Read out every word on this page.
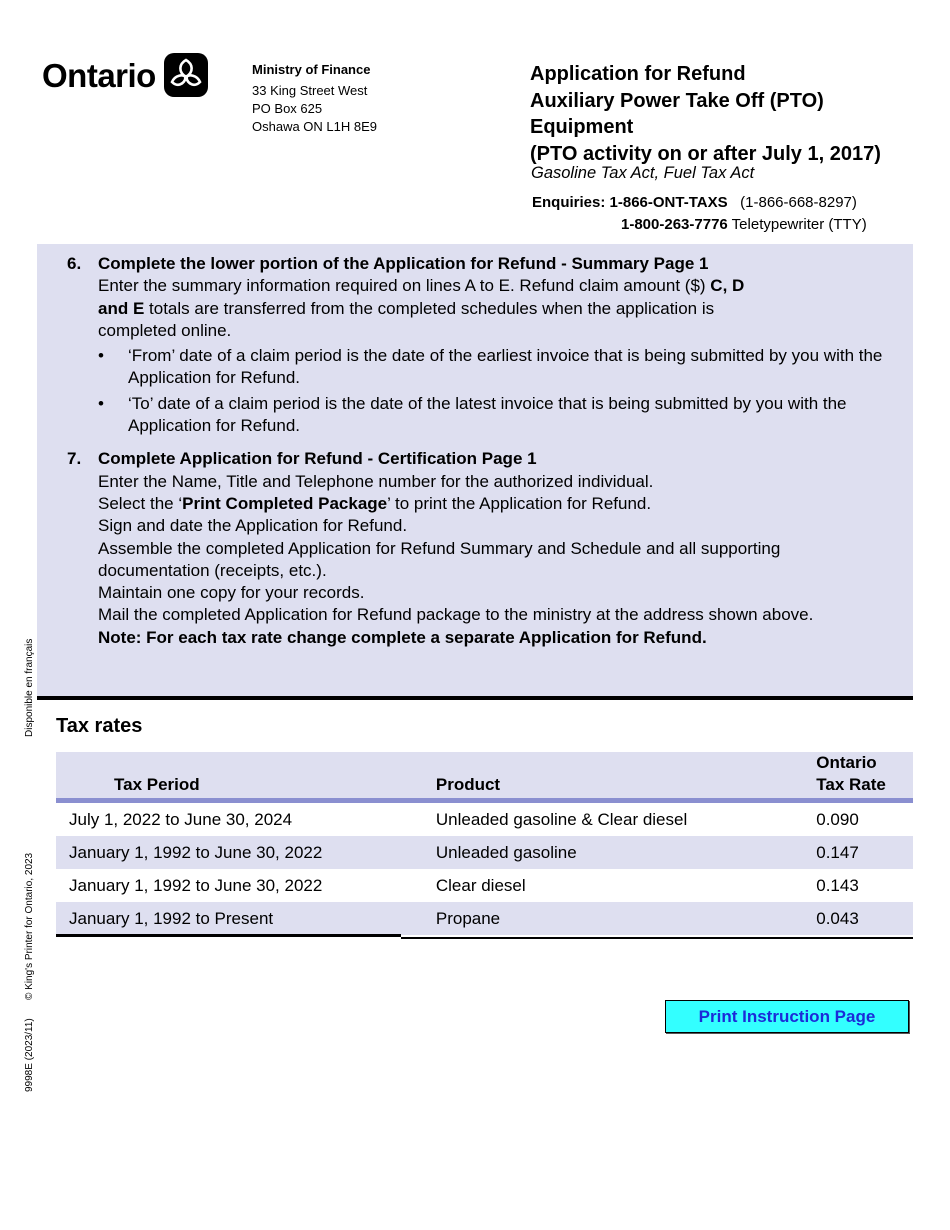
Ontario	Ministry of Finance
33 King Street West
PO Box 625
Oshawa ON L1H 8E9
Application for Refund
Auxiliary Power Take Off (PTO)
Equipment
(PTO activity on or after July 1, 2017)
Gasoline Tax Act, Fuel Tax Act
Enquiries: 1-866-ONT-TAXS (1-866-668-8297)
1-800-263-7776 Teletypewriter (TTY)
6. Complete the lower portion of the Application for Refund - Summary Page 1
Enter the summary information required on lines A to E. Refund claim amount ($) C, D
and E totals are transferred from the completed schedules when the application is
completed online.
•	‘From’ date of a claim period is the date of the earliest invoice that is being submitted by you with the Application for Refund.
•	‘To’ date of a claim period is the date of the latest invoice that is being submitted by you with the Application for Refund.
7. Complete Application for Refund - Certification Page 1
Enter the Name, Title and Telephone number for the authorized individual.
Select the ‘Print Completed Package’ to print the Application for Refund.
Sign and date the Application for Refund.
Assemble the completed Application for Refund Summary and Schedule and all supporting documentation (receipts, etc.).
Maintain one copy for your records.
Mail the completed Application for Refund package to the ministry at the address shown above.
Note: For each tax rate change complete a separate Application for Refund.
Disponible en français
© King's Printer for Ontario, 2023
9998E (2023/11)
Tax rates
Tax Period	Product	Ontario
Tax Rate
July 1, 2022 to June 30, 2024	Unleaded gasoline & Clear diesel	0.090
January 1, 1992 to June 30, 2022	Unleaded gasoline	0.147
January 1, 1992 to June 30, 2022	Clear diesel	0.143
January 1, 1992 to Present	Propane	0.043
Print Instruction Page
